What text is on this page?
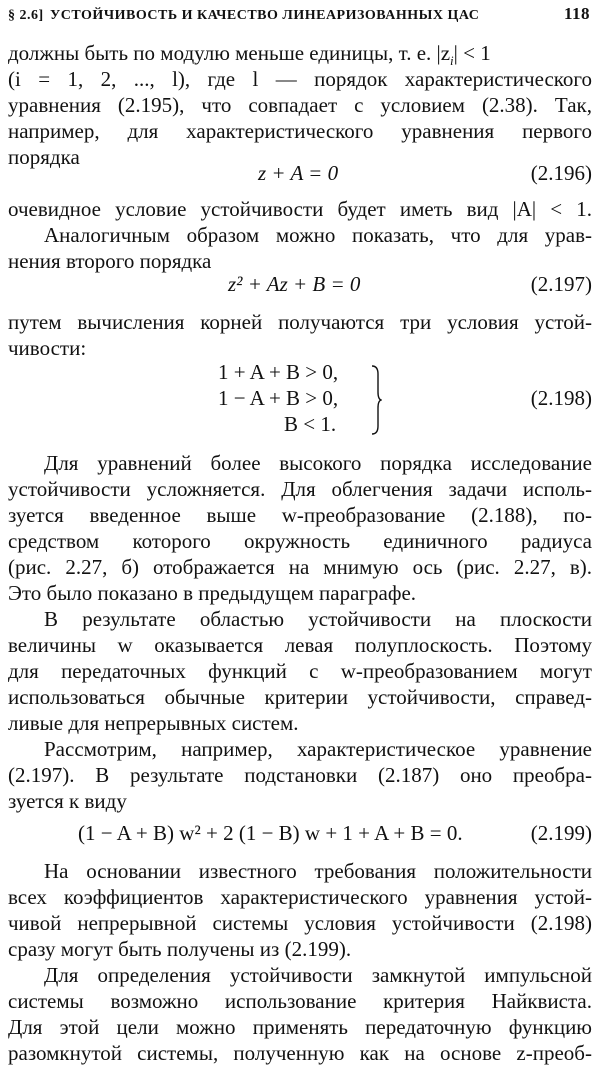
§ 2.6] УСТОЙЧИВОСТЬ И КАЧЕСТВО ЛИНЕАРИЗОВАННЫХ ЦАС	118
должны быть по модулю меньше единицы, т. е. $|z_i| < 1$
(i = 1, 2, ..., l), где l — порядок характеристического
уравнения (2.195), что совпадает с условием (2.38). Так,
например, для характеристического уравнения первого
порядка
z + A = 0	(2.196)
очевидное условие устойчивости будет иметь вид |A| < 1.
Аналогичным образом можно показать, что для урав-
нения второго порядка
z² + Az + B = 0	(2.197)
путем вычисления корней получаются три условия устой-
чивости:
1 + A + B > 0,
1 − A + B > 0,
B < 1.
(2.198)
Для уравнений более высокого порядка исследование
устойчивости усложняется. Для облегчения задачи исполь-
зуется введенное выше w-преобразование (2.188), по-
средством которого окружность единичного радиуса
(рис. 2.27, б) отображается на мнимую ось (рис. 2.27, в).
Это было показано в предыдущем параграфе.
В результате областью устойчивости на плоскости
величины w оказывается левая полуплоскость. Поэтому
для передаточных функций с w-преобразованием могут
использоваться обычные критерии устойчивости, справед-
ливые для непрерывных систем.
Рассмотрим, например, характеристическое уравнение
(2.197). В результате подстановки (2.187) оно преобра-
зуется к виду
(1 − A + B) w² + 2 (1 − B) w + 1 + A + B = 0.	(2.199)
На основании известного требования положительности
всех коэффициентов характеристического уравнения устой-
чивой непрерывной системы условия устойчивости (2.198)
сразу могут быть получены из (2.199).
Для определения устойчивости замкнутой импульсной
системы возможно использование критерия Найквиста.
Для этой цели можно применять передаточную функцию
разомкнутой системы, полученную как на основе z-преоб-
